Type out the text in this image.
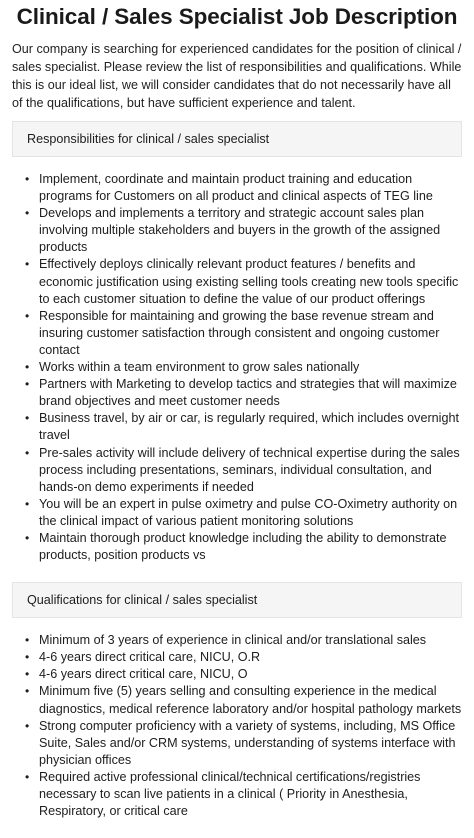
Clinical / Sales Specialist Job Description

Our company is searching for experienced candidates for the position of clinical / sales specialist. Please review the list of responsibilities and qualifications. While this is our ideal list, we will consider candidates that do not necessarily have all of the qualifications, but have sufficient experience and talent.

Responsibilities for clinical / sales specialist
• Implement, coordinate and maintain product training and education programs for Customers on all product and clinical aspects of TEG line
• Develops and implements a territory and strategic account sales plan involving multiple stakeholders and buyers in the growth of the assigned products
• Effectively deploys clinically relevant product features / benefits and economic justification using existing selling tools creating new tools specific to each customer situation to define the value of our product offerings
• Responsible for maintaining and growing the base revenue stream and insuring customer satisfaction through consistent and ongoing customer contact
• Works within a team environment to grow sales nationally
• Partners with Marketing to develop tactics and strategies that will maximize brand objectives and meet customer needs
• Business travel, by air or car, is regularly required, which includes overnight travel
• Pre-sales activity will include delivery of technical expertise during the sales process including presentations, seminars, individual consultation, and hands-on demo experiments if needed
• You will be an expert in pulse oximetry and pulse CO-Oximetry authority on the clinical impact of various patient monitoring solutions
• Maintain thorough product knowledge including the ability to demonstrate products, position products vs
Qualifications for clinical / sales specialist
• Minimum of 3 years of experience in clinical and/or translational sales
• 4-6 years direct critical care, NICU, O.R
• 4-6 years direct critical care, NICU, O
• Minimum five (5) years selling and consulting experience in the medical diagnostics, medical reference laboratory and/or hospital pathology markets
• Strong computer proficiency with a variety of systems, including, MS Office Suite, Sales and/or CRM systems, understanding of systems interface with physician offices
• Required active professional clinical/technical certifications/registries necessary to scan live patients in a clinical ( Priority in Anesthesia, Respiratory, or critical care
